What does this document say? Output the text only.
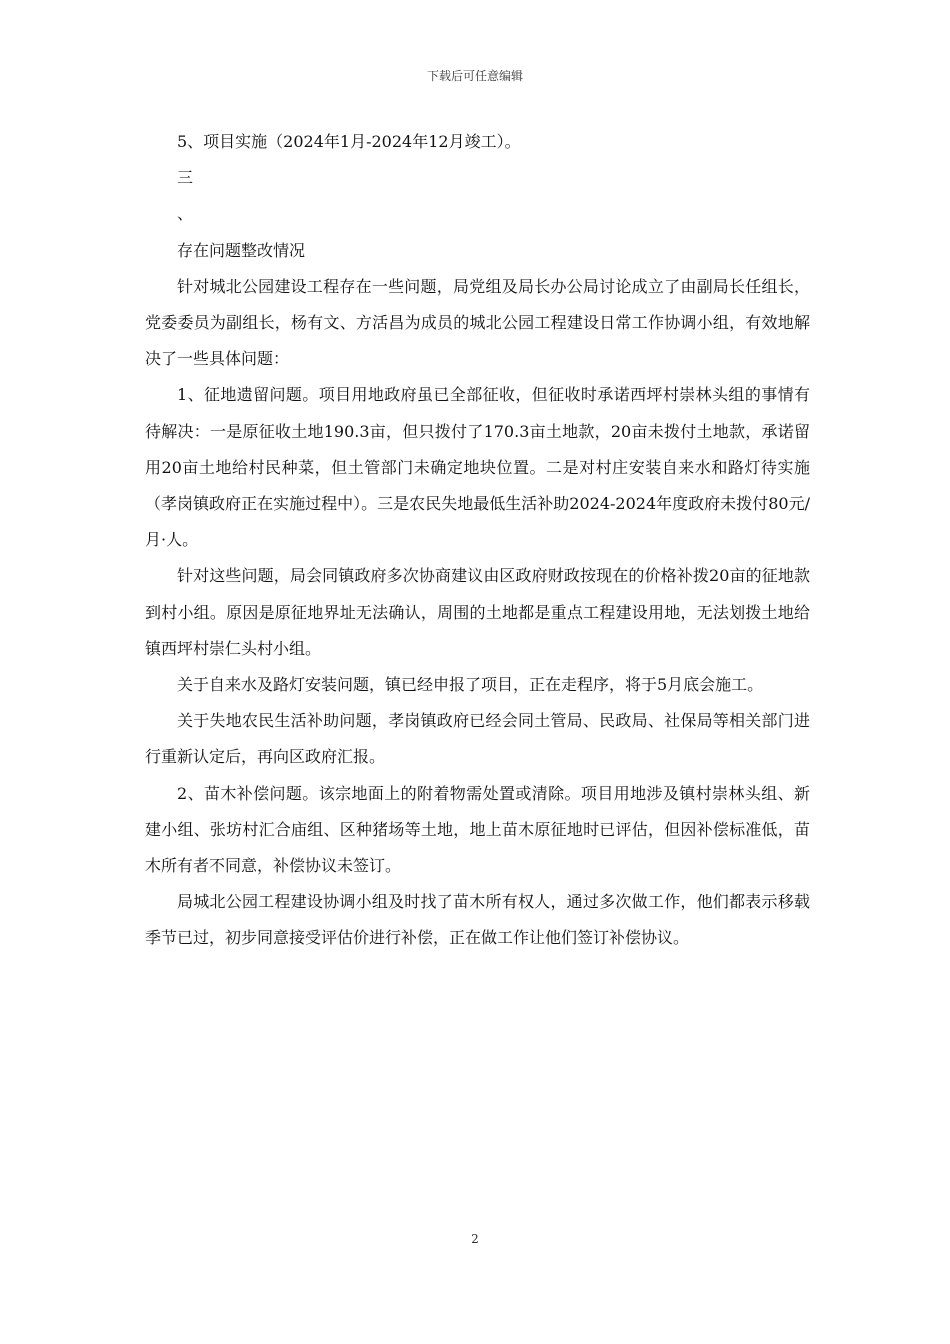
下载后可任意编辑

5、项目实施（2024年1月-2024年12月竣工）。

三

、

存在问题整改情况

针对城北公园建设工程存在一些问题，局党组及局长办公局讨论成立了由副局长任组长，党委委员为副组长，杨有文、方活昌为成员的城北公园工程建设日常工作协调小组，有效地解决了一些具体问题：

1、征地遗留问题。项目用地政府虽已全部征收，但征收时承诺西坪村崇林头组的事情有待解决：一是原征收土地190.3亩，但只拨付了170.3亩土地款，20亩未拨付土地款，承诺留用20亩土地给村民种菜，但土管部门未确定地块位置。二是对村庄安装自来水和路灯待实施（孝岗镇政府正在实施过程中）。三是农民失地最低生活补助2024-2024年度政府未拨付80元/月·人。

针对这些问题，局会同镇政府多次协商建议由区政府财政按现在的价格补拨20亩的征地款到村小组。原因是原征地界址无法确认，周围的土地都是重点工程建设用地，无法划拨土地给镇西坪村崇仁头村小组。

关于自来水及路灯安装问题，镇已经申报了项目，正在走程序，将于5月底会施工。

关于失地农民生活补助问题，孝岗镇政府已经会同土管局、民政局、社保局等相关部门进行重新认定后，再向区政府汇报。

2、苗木补偿问题。该宗地面上的附着物需处置或清除。项目用地涉及镇村崇林头组、新建小组、张坊村汇合庙组、区种猪场等土地，地上苗木原征地时已评估，但因补偿标准低，苗木所有者不同意，补偿协议未签订。

局城北公园工程建设协调小组及时找了苗木所有权人，通过多次做工作，他们都表示移载季节已过，初步同意接受评估价进行补偿，正在做工作让他们签订补偿协议。

2
